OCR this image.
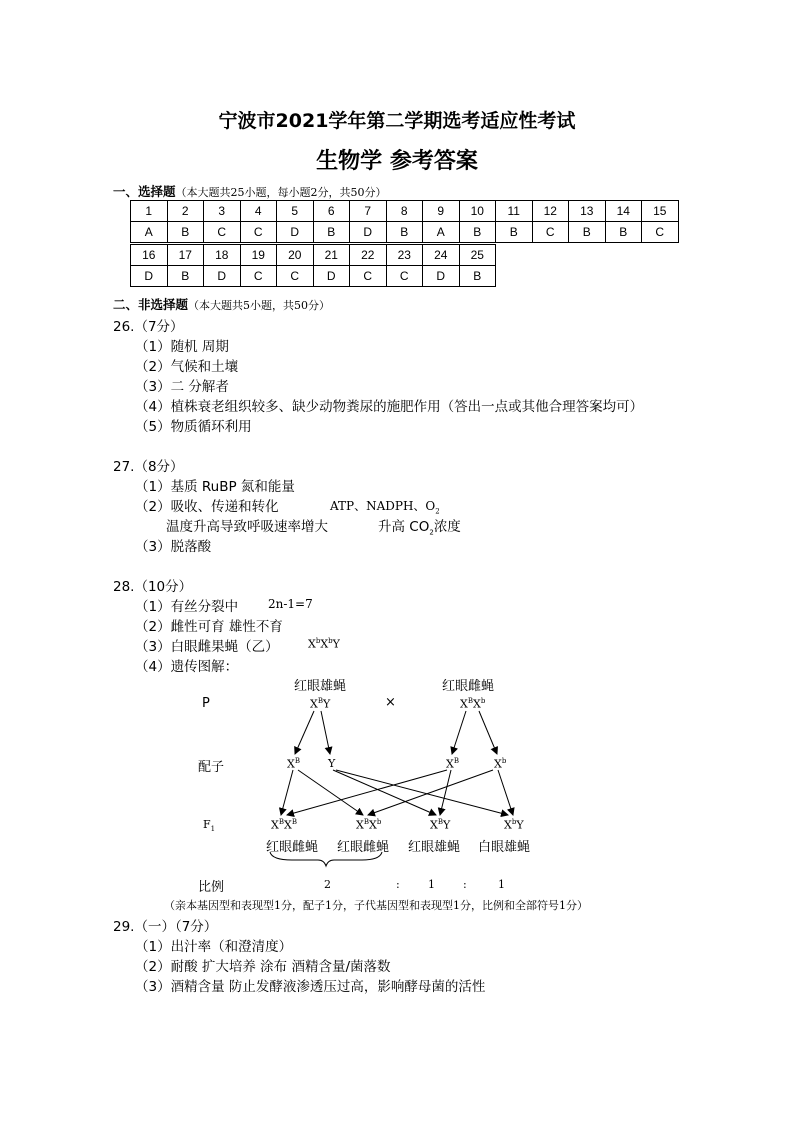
宁波市2021学年第二学期选考适应性考试
生物学 参考答案
一、选择题（本大题共25小题，每小题2分，共50分）
1	2	3	4	5	6	7	8	9	10	11	12	13	14	15
A	B	C	C	D	B	D	B	A	B	B	C	B	B	C
16	17	18	19	20	21	22	23	24	25
D	B	D	C	C	D	C	C	D	B
二、非选择题（本大题共5小题，共50分）
26.（7分）
（1）随机 周期
（2）气候和土壤
（3）二 分解者
（4）植株衰老组织较多、缺少动物粪尿的施肥作用（答出一点或其他合理答案均可）
（5）物质循环利用
27.（8分）
（1）基质 RuBP 氮和能量
（2）吸收、传递和转化	ATP、NADPH、$O_2$
温度升高导致呼吸速率增大	升高 $CO_2$浓度
（3）脱落酸
28.（10分）
（1）有丝分裂中 2n-1=7
（2）雌性可育 雄性不育
（3）白眼雌果蝇（乙）	$X^bX^bY$
（4）遗传图解：
红眼雄蝇	红眼雌蝇
P	$X^BY$	×	$X^BX^b$
配子	$X^B$	Y	$X^B$	$X^b$
$F_1$	$X^BX^B$	$X^BX^b$	$X^BY$	$X^bY$
红眼雌蝇 红眼雌蝇 红眼雄蝇 白眼雄蝇
比例	2	:	1	:	1
（亲本基因型和表现型1分，配子1分，子代基因型和表现型1分，比例和全部符号1分）
29.（一）（7分）
（1）出汁率（和澄清度）
（2）耐酸 扩大培养 涂布 酒精含量/菌落数
（3）酒精含量 防止发酵液渗透压过高，影响酵母菌的活性
